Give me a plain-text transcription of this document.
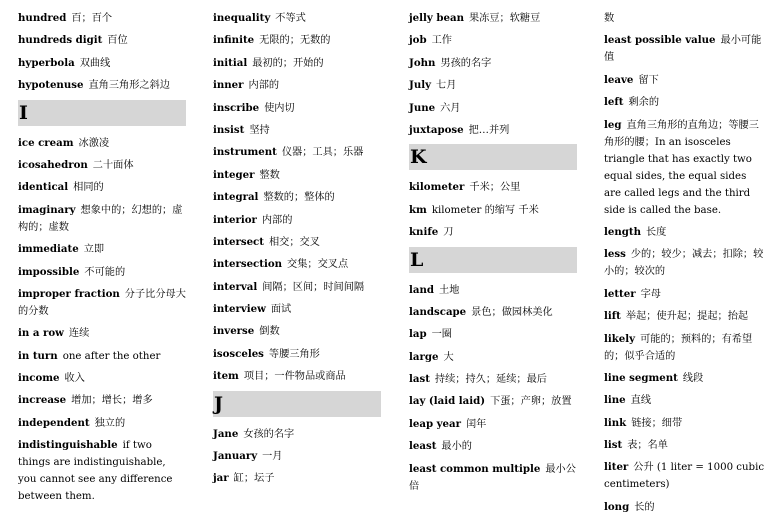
hundred 百；百个
hundreds digit 百位
hyperbola 双曲线
hypotenuse 直角三角形之斜边
I
ice cream 冰激凌
icosahedron 二十面体
identical 相同的
imaginary 想象中的；幻想的；虚构的；虚数
immediate 立即
impossible 不可能的
improper fraction 分子比分母大的分数
in a row 连续
in turn one after the other
income 收入
increase 增加；增长；增多
independent 独立的
indistinguishable if two things are indistinguishable, you cannot see any difference between them.
inequality 不等式
infinite 无限的；无数的
initial 最初的；开始的
inner 内部的
inscribe 使内切
insist 坚持
instrument 仪器；工具；乐器
integer 整数
integral 整数的；整体的
interior 内部的
intersect 相交；交叉
intersection 交集；交叉点
interval 间隔；区间；时间间隔
interview 面试
inverse 倒数
isosceles 等腰三角形
item 项目；一件物品或商品
J
Jane 女孩的名字
January 一月
jar 缸；坛子
jelly bean 果冻豆；软糖豆
job 工作
John 男孩的名字
July 七月
June 六月
juxtapose 把…并列
K
kilometer 千米；公里
km kilometer 的缩写 千米
knife 刀
L
land 土地
landscape 景色；做园林美化
lap 一圈
large 大
last 持续；持久；延续；最后
lay (laid laid) 下蛋；产卵；放置
leap year 闰年
least 最小的
least common multiple 最小公倍
数
least possible value 最小可能值
leave 留下
left 剩余的
leg 直角三角形的直角边；等腰三角形的腰；In an isosceles triangle that has exactly two equal sides, the equal sides are called legs and the third side is called the base.
length 长度
less 少的；较少；减去；扣除；较小的；较次的
letter 字母
lift 举起；使升起；提起；抬起
likely 可能的；预料的；有希望的；似乎合适的
line segment 线段
line 直线
link 链接；细带
list 表；名单
liter 公升 (1 liter = 1000 cubic centimeters)
long 长的
